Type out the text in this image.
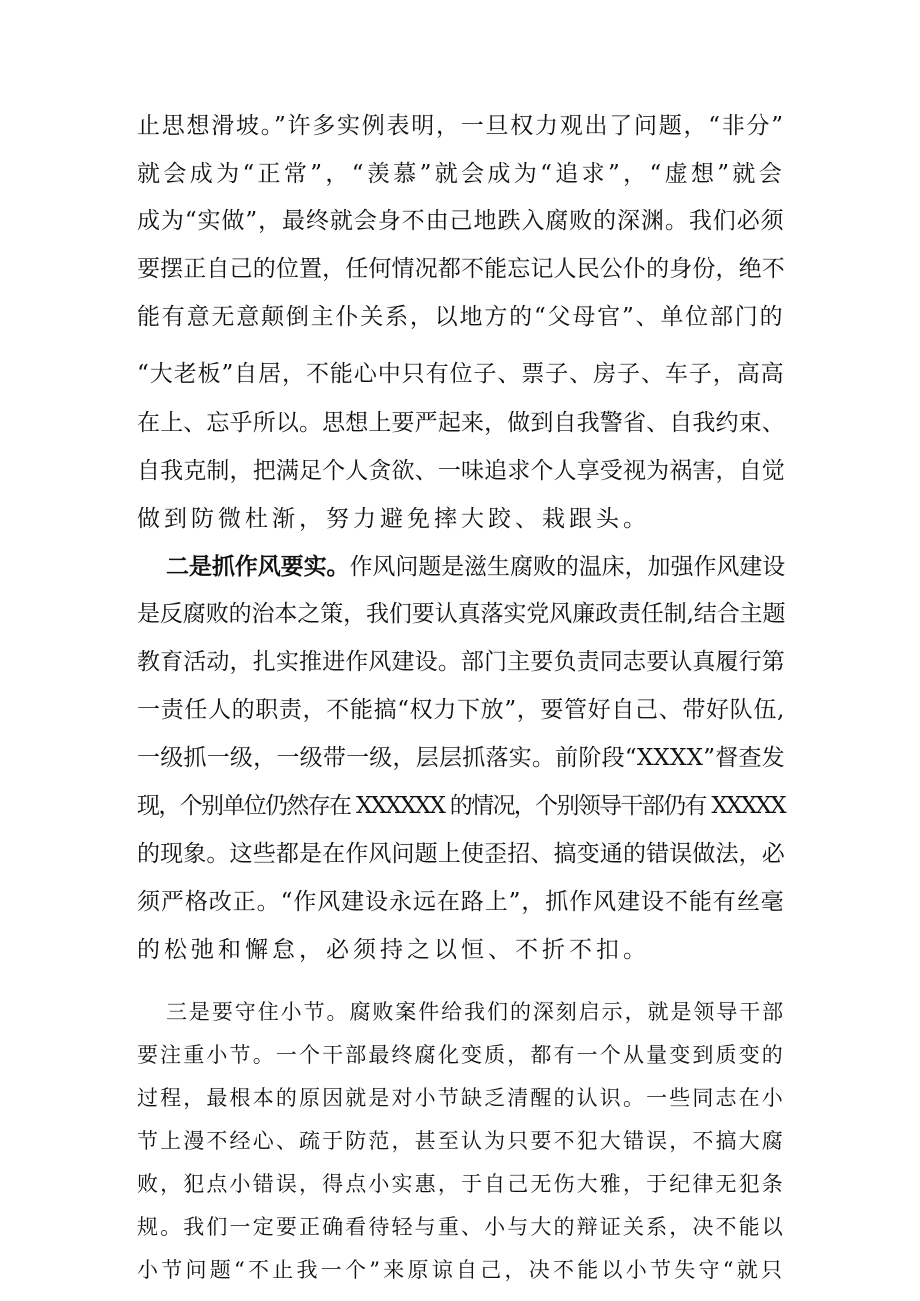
止思想滑坡。”许多实例表明，一旦权力观出了问题，“非分”

就会成为“正常”，“羡慕”就会成为“追求”，“虚想”就会

成为“实做”，最终就会身不由己地跌入腐败的深渊。我们必须

要摆正自己的位置，任何情况都不能忘记人民公仆的身份，绝不

能有意无意颠倒主仆关系，以地方的“父母官”、单位部门的

“大老板”自居，不能心中只有位子、票子、房子、车子，高高

在上、忘乎所以。思想上要严起来，做到自我警省、自我约束、

自我克制，把满足个人贪欲、一味追求个人享受视为祸害，自觉

做到防微杜渐，努力避免摔大跤、栽跟头。

二是抓作风要实。作风问题是滋生腐败的温床，加强作风建设

是反腐败的治本之策，我们要认真落实党风廉政责任制,结合主题

教育活动，扎实推进作风建设。部门主要负责同志要认真履行第

一责任人的职责，不能搞“权力下放”，要管好自己、带好队伍,

一级抓一级，一级带一级，层层抓落实。前阶段“XXXX”督查发

现，个别单位仍然存在 XXXXXX 的情况，个别领导干部仍有 XXXXX

的现象。这些都是在作风问题上使歪招、搞变通的错误做法，必

须严格改正。“作风建设永远在路上”，抓作风建设不能有丝毫

的松弛和懈怠，必须持之以恒、不折不扣。

三是要守住小节。腐败案件给我们的深刻启示，就是领导干部

要注重小节。一个干部最终腐化变质，都有一个从量变到质变的

过程，最根本的原因就是对小节缺乏清醒的认识。一些同志在小

节上漫不经心、疏于防范，甚至认为只要不犯大错误，不搞大腐

败，犯点小错误，得点小实惠，于自己无伤大雅，于纪律无犯条

规。我们一定要正确看待轻与重、小与大的辩证关系，决不能以

小节问题“不止我一个”来原谅自己，决不能以小节失守“就只
